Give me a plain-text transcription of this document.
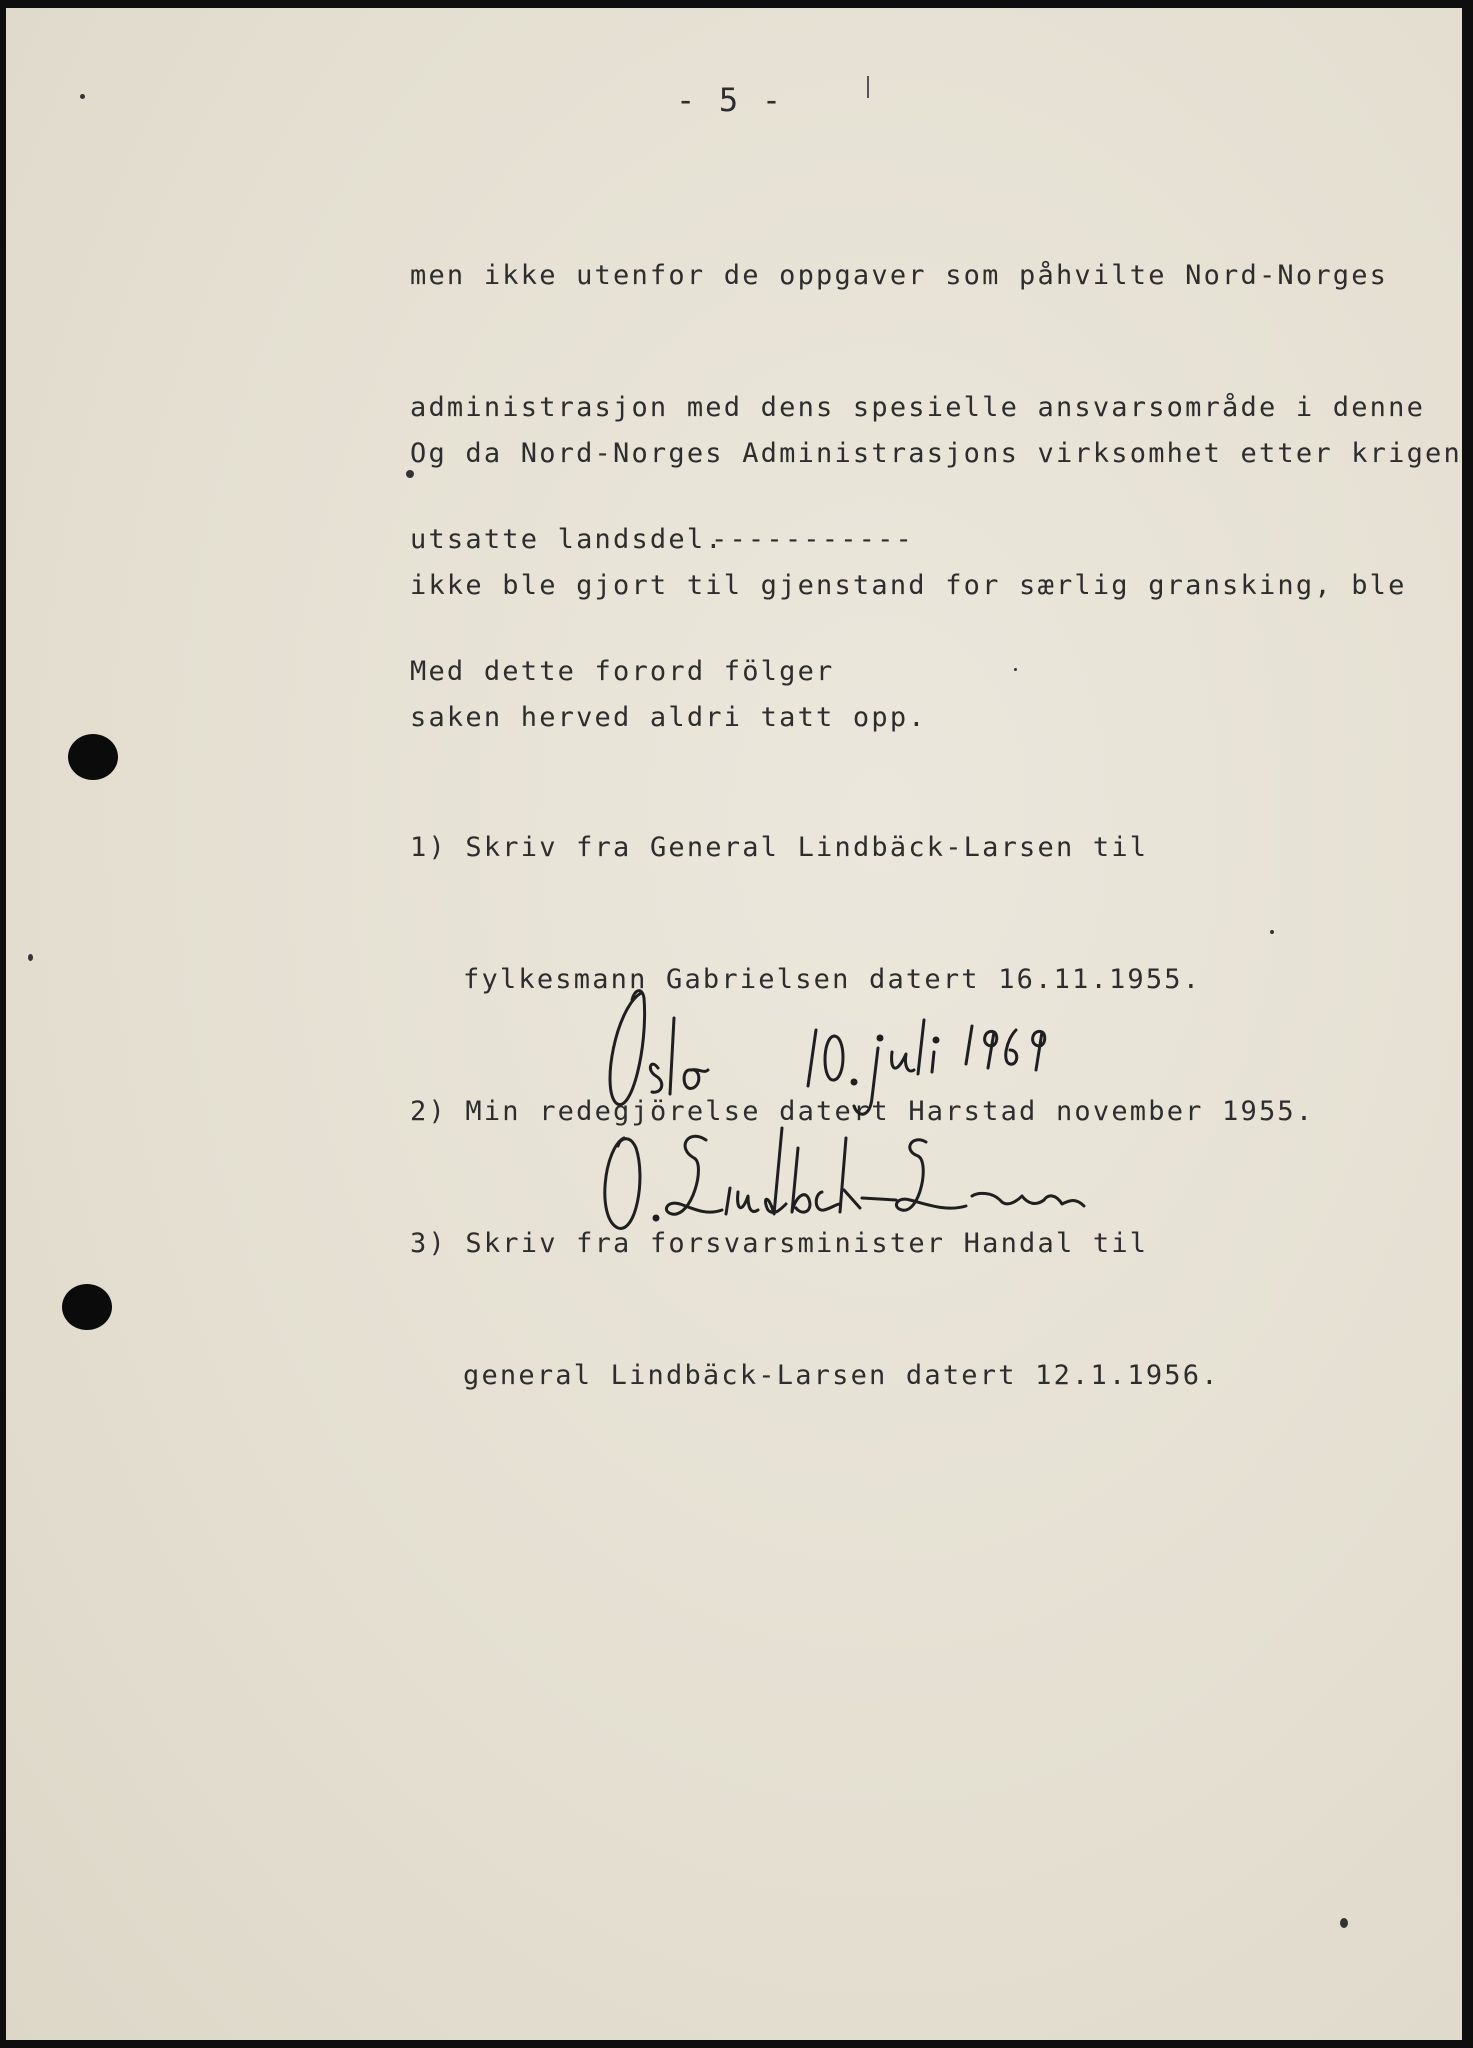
- 5 -

men ikke utenfor de oppgaver som påhvilte Nord-Norges

administrasjon med dens spesielle ansvarsområde i denne

utsatte landsdel.

Og da Nord-Norges Administrasjons virksomhet etter krigen

ikke ble gjort til gjenstand for særlig gransking, ble

saken herved aldri tatt opp.

-----------
Med dette forord fölger

1) Skriv fra General Lindbäck-Larsen til

fylkesmann Gabrielsen datert 16.11.1955.

2) Min redegjörelse datert Harstad november 1955.

3) Skriv fra forsvarsminister Handal til

general Lindbäck-Larsen datert 12.1.1956.
